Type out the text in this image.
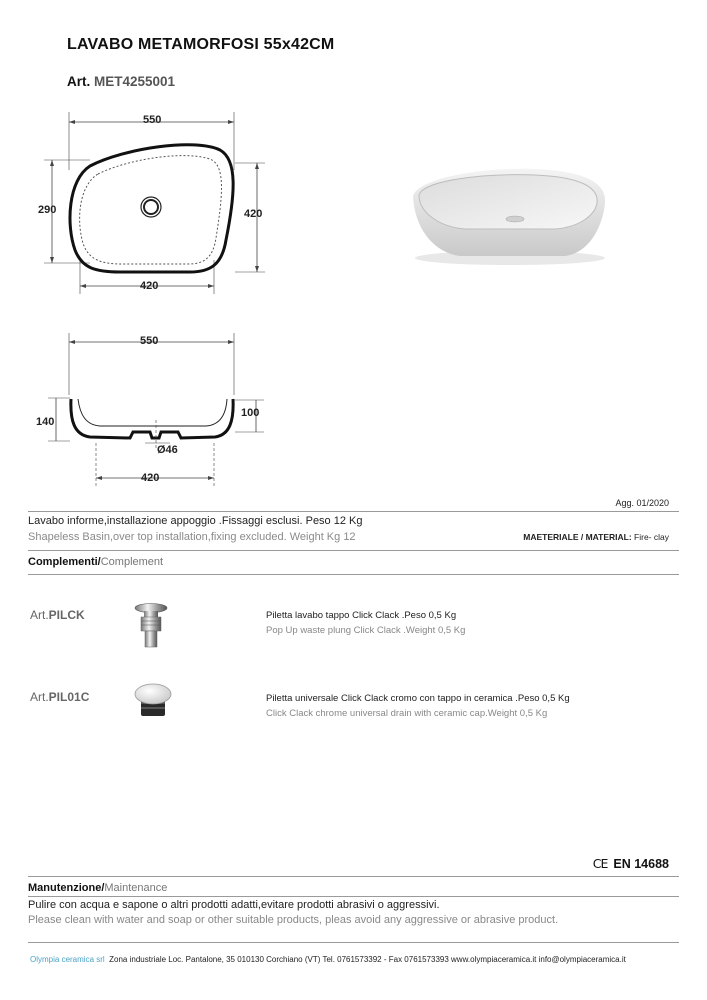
LAVABO METAMORFOSI 55x42CM
Art. MET4255001
550
290	420
420
550
140
100
Ø46
420
Agg. 01/2020
Lavabo informe,installazione appoggio .Fissaggi esclusi. Peso 12 Kg
Shapeless Basin,over top installation,fixing excluded. Weight Kg 12	MAETERIALE / MATERIAL: Fire- clay
Complementi/Complement
Art.PILCK	Piletta lavabo tappo Click Clack .Peso 0,5 Kg
Pop Up waste plung Click Clack .Weight 0,5 Kg
Art.PIL01C	Piletta universale Click Clack cromo con tappo in ceramica .Peso 0,5 Kg
Click Clack chrome universal drain with ceramic cap.Weight 0,5 Kg
CE EN 14688
Manutenzione/Maintenance
Pulire con acqua e sapone o altri prodotti adatti,evitare prodotti abrasivi o aggressivi.
Please clean with water and soap or other suitable products, pleas avoid any aggressive or abrasive product.
Olympia ceramica srl Zona industriale Loc. Pantalone, 35 010130 Corchiano (VT) Tel. 0761573392 - Fax 0761573393 www.olympiaceramica.it info@olympiaceramica.it
